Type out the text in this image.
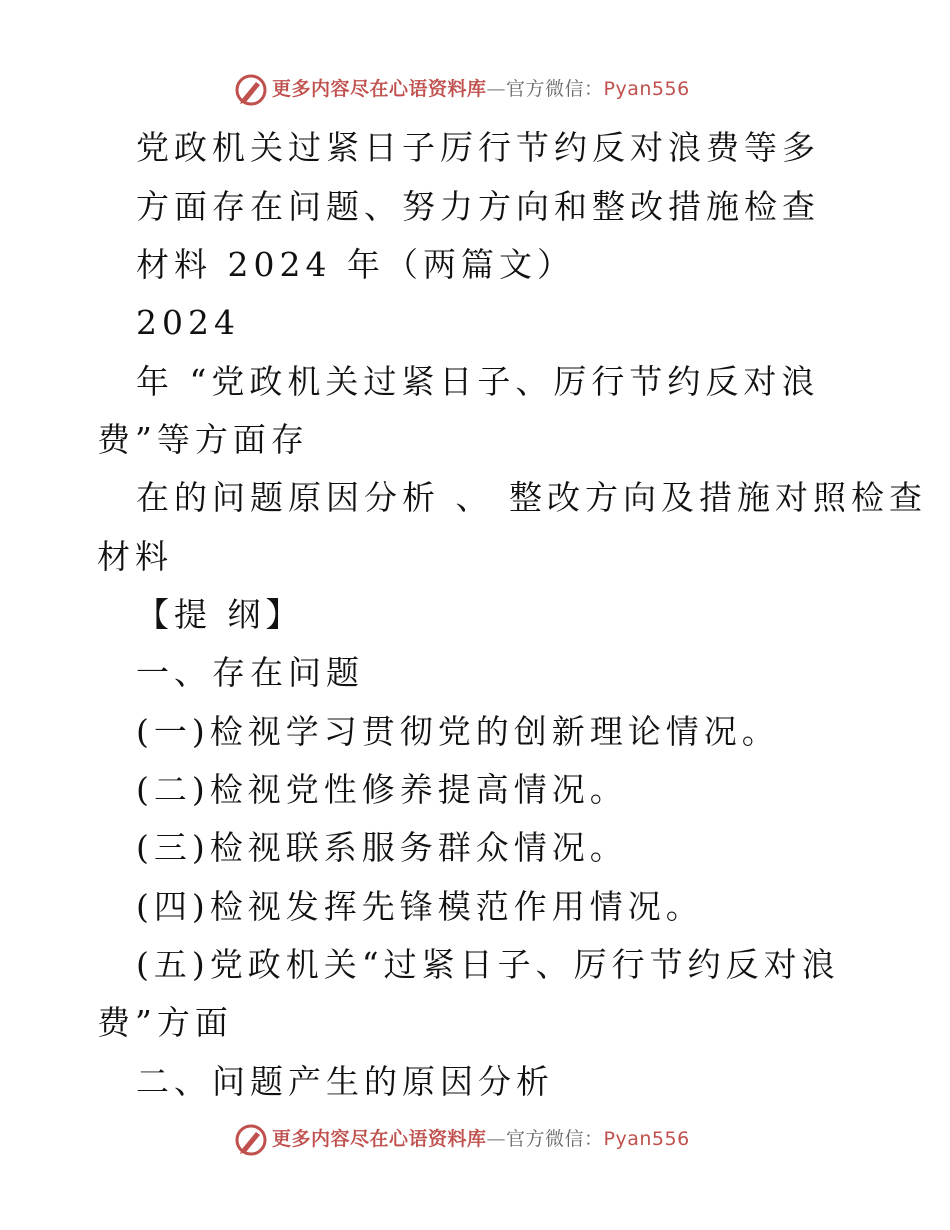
更多内容尽在心语资料库—官方微信：Pyan556
党政机关过紧日子厉行节约反对浪费等多
方面存在问题、努力方向和整改措施检查
材料 2024 年（两篇文）
2024
年 “党政机关过紧日子、厉行节约反对浪
费”等方面存
在的问题原因分析 、 整改方向及措施对照检查
材料
【提 纲】
一、存在问题
(一)检视学习贯彻党的创新理论情况。
(二)检视党性修养提高情况。
(三)检视联系服务群众情况。
(四)检视发挥先锋模范作用情况。
(五)党政机关“过紧日子、厉行节约反对浪
费”方面
二、问题产生的原因分析
更多内容尽在心语资料库—官方微信：Pyan556
